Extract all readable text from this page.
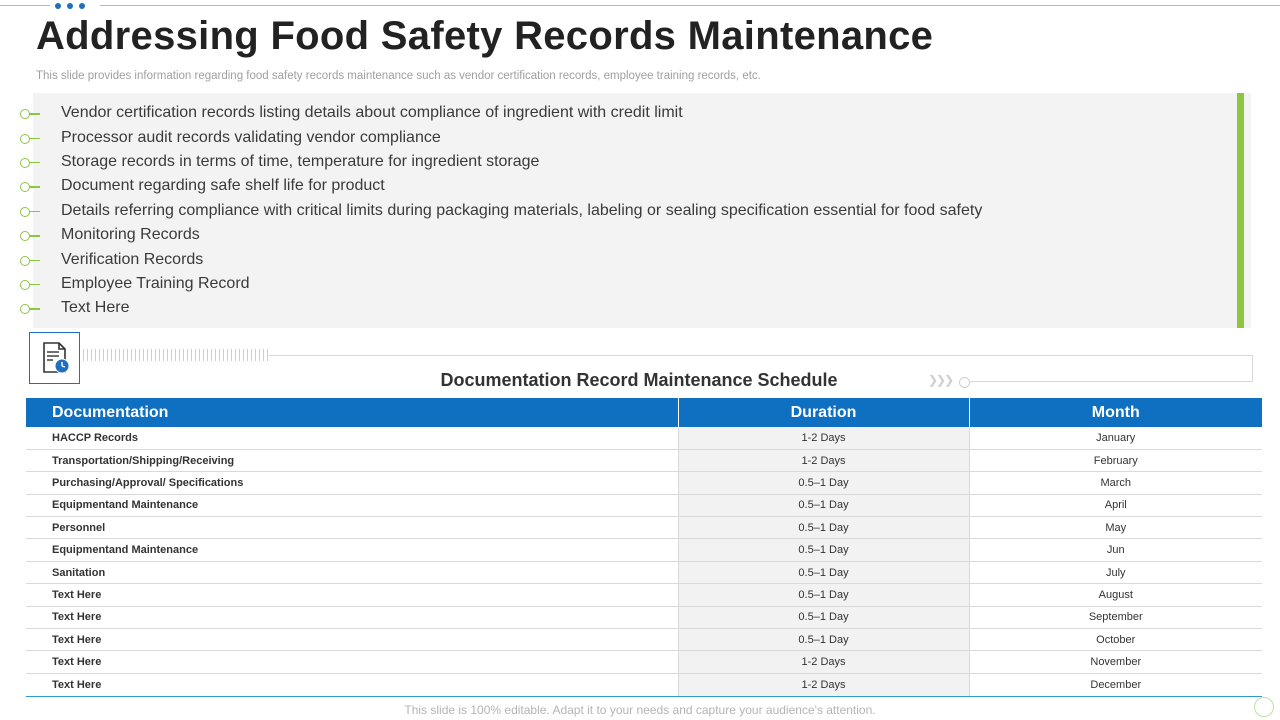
Addressing Food Safety Records Maintenance

This slide provides information regarding food safety records maintenance such as vendor certification records, employee training records, etc.

Vendor certification records listing details about compliance of ingredient with credit limit
Processor audit records validating vendor compliance
Storage records in terms of time, temperature for ingredient storage
Document regarding safe shelf life for product
Details referring compliance with critical limits during packaging materials, labeling or sealing specification essential for food safety
Monitoring Records
Verification Records
Employee Training Record
Text Here
❯❯❯
Documentation Record Maintenance Schedule
Documentation	Duration	Month
HACCP Records	1-2 Days	January
Transportation/Shipping/Receiving	1-2 Days	February
Purchasing/Approval/ Specifications	0.5–1 Day	March
Equipmentand Maintenance	0.5–1 Day	April
Personnel	0.5–1 Day	May
Equipmentand Maintenance	0.5–1 Day	Jun
Sanitation	0.5–1 Day	July
Text Here	0.5–1 Day	August
Text Here	0.5–1 Day	September
Text Here	0.5–1 Day	October
Text Here	1-2 Days	November
Text Here	1-2 Days	December
This slide is 100% editable. Adapt it to your needs and capture your audience's attention.
